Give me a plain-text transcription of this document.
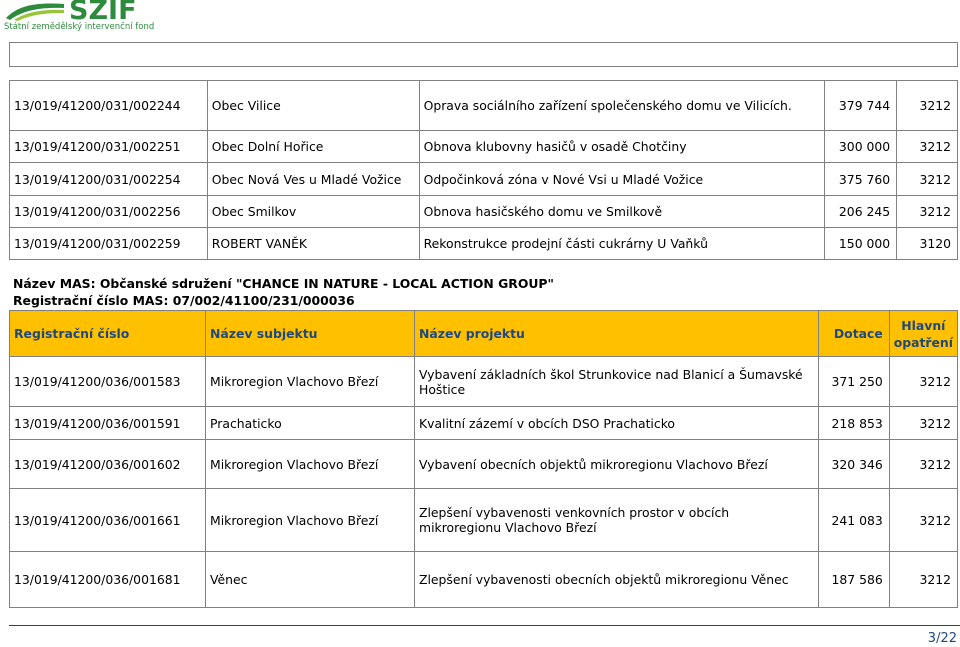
SZIF
Státní zemědělský intervenční fond
13/019/41200/031/002244	Obec Vilice	Oprava sociálního zařízení společenského domu ve Vilicích.	379 744	3212
13/019/41200/031/002251	Obec Dolní Hořice	Obnova klubovny hasičů v osadě Chotčiny	300 000	3212
13/019/41200/031/002254	Obec Nová Ves u Mladé Vožice	Odpočinková zóna v Nové Vsi u Mladé Vožice	375 760	3212
13/019/41200/031/002256	Obec Smilkov	Obnova hasičského domu ve Smilkově	206 245	3212
13/019/41200/031/002259	ROBERT VANĚK	Rekonstrukce prodejní části cukrárny U Vaňků	150 000	3120
Název MAS: Občanské sdružení "CHANCE IN NATURE - LOCAL ACTION GROUP"
Registrační číslo MAS: 07/002/41100/231/000036
Registrační číslo	Název subjektu	Název projektu	Dotace	Hlavní opatření
13/019/41200/036/001583	Mikroregion Vlachovo Březí	Vybavení základních škol Strunkovice nad Blanicí a Šumavské Hoštice	371 250	3212
13/019/41200/036/001591	Prachaticko	Kvalitní zázemí v obcích DSO Prachaticko	218 853	3212
13/019/41200/036/001602	Mikroregion Vlachovo Březí	Vybavení obecních objektů mikroregionu Vlachovo Březí	320 346	3212
13/019/41200/036/001661	Mikroregion Vlachovo Březí	Zlepšení vybavenosti venkovních prostor v obcích mikroregionu Vlachovo Březí	241 083	3212
13/019/41200/036/001681	Věnec	Zlepšení vybavenosti obecních objektů mikroregionu Věnec	187 586	3212
3/22
